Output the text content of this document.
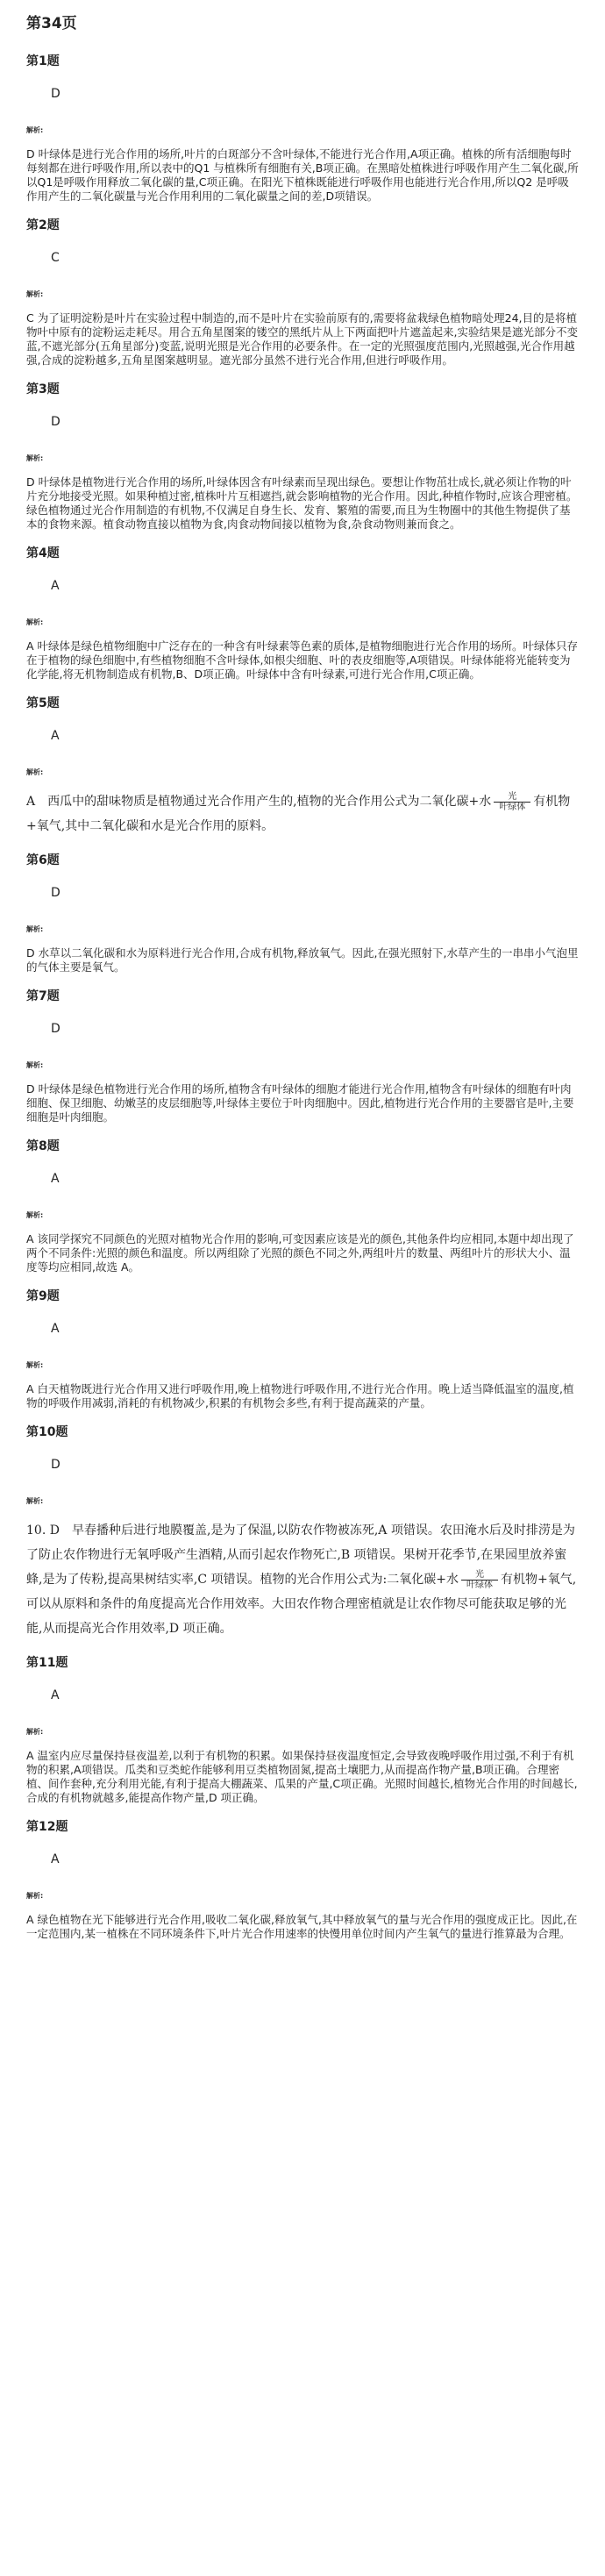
第34页
第1题
D
解析:
D 叶绿体是进行光合作用的场所,叶片的白斑部分不含叶绿体,不能进行光合作用,A项正确。植株的所有活细胞每时每刻都在进行呼吸作用,所以表中的Q1 与植株所有细胞有关,B项正确。在黑暗处植株进行呼吸作用产生二氧化碳,所以Q1是呼吸作用释放二氧化碳的量,C项正确。在阳光下植株既能进行呼吸作用也能进行光合作用,所以Q2 是呼吸作用产生的二氧化碳量与光合作用利用的二氧化碳量之间的差,D项错误。
第2题
C
解析:
C 为了证明淀粉是叶片在实验过程中制造的,而不是叶片在实验前原有的,需要将盆栽绿色植物暗处理24,目的是将植物叶中原有的淀粉运走耗尽。用合五角星图案的镂空的黑纸片从上下两面把叶片遮盖起来,实验结果是遮光部分不变蓝,不遮光部分(五角星部分)变蓝,说明光照是光合作用的必要条件。在一定的光照强度范围内,光照越强,光合作用越强,合成的淀粉越多,五角星图案越明显。遮光部分虽然不进行光合作用,但进行呼吸作用。
第3题
D
解析:
D 叶绿体是植物进行光合作用的场所,叶绿体因含有叶绿素而呈现出绿色。要想让作物茁壮成长,就必须让作物的叶片充分地接受光照。如果种植过密,植株叶片互相遮挡,就会影响植物的光合作用。因此,种植作物时,应该合理密植。绿色植物通过光合作用制造的有机物,不仅满足自身生长、发育、繁殖的需要,而且为生物圈中的其他生物提供了基本的食物来源。植食动物直接以植物为食,肉食动物间接以植物为食,杂食动物则兼而食之。
第4题
A
解析:
A 叶绿体是绿色植物细胞中广泛存在的一种含有叶绿素等色素的质体,是植物细胞进行光合作用的场所。叶绿体只存在于植物的绿色细胞中,有些植物细胞不含叶绿体,如根尖细胞、叶的表皮细胞等,A项错误。叶绿体能将光能转变为化学能,将无机物制造成有机物,B、D项正确。叶绿体中含有叶绿素,可进行光合作用,C项正确。
第5题
A
解析:
A　西瓜中的甜味物质是植物通过光合作用产生的,植物的光合作用公式为二氧化碳+水 $\frac{\text{光}}{\text{叶绿体}}$ 有机物+氧气,其中二氧化碳和水是光合作用的原料。
第6题
D
解析:
D 水草以二氧化碳和水为原料进行光合作用,合成有机物,释放氧气。因此,在强光照射下,水草产生的一串串小气泡里的气体主要是氧气。
第7题
D
解析:
D 叶绿体是绿色植物进行光合作用的场所,植物含有叶绿体的细胞才能进行光合作用,植物含有叶绿体的细胞有叶肉细胞、保卫细胞、幼嫩茎的皮层细胞等,叶绿体主要位于叶肉细胞中。因此,植物进行光合作用的主要器官是叶,主要细胞是叶肉细胞。
第8题
A
解析:
A 该同学探究不同颜色的光照对植物光合作用的影响,可变因素应该是光的颜色,其他条件均应相同,本题中却出现了两个不同条件:光照的颜色和温度。所以两组除了光照的颜色不同之外,两组叶片的数量、两组叶片的形状大小、温度等均应相同,故选 A。
第9题
A
解析:
A 白天植物既进行光合作用又进行呼吸作用,晚上植物进行呼吸作用,不进行光合作用。晚上适当降低温室的温度,植物的呼吸作用减弱,消耗的有机物减少,积累的有机物会多些,有利于提高蔬菜的产量。
第10题
D
解析:
10. D　早春播种后进行地膜覆盖,是为了保温,以防农作物被冻死,A 项错误。农田淹水后及时排涝是为了防止农作物进行无氧呼吸产生酒精,从而引起农作物死亡,B 项错误。果树开花季节,在果园里放养蜜蜂,是为了传粉,提高果树结实率,C 项错误。植物的光合作用公式为:二氧化碳+水 $\frac{\text{光}}{\text{叶绿体}}$ 有机物+氧气,可以从原料和条件的角度提高光合作用效率。大田农作物合理密植就是让农作物尽可能获取足够的光能,从而提高光合作用效率,D 项正确。
第11题
A
解析:
A 温室内应尽量保持昼夜温差,以利于有机物的积累。如果保持昼夜温度恒定,会导致夜晚呼吸作用过强,不利于有机物的积累,A项错误。瓜类和豆类蛇作能够利用豆类植物固氮,提高土壤肥力,从而提高作物产量,B项正确。合理密植、间作套种,充分利用光能,有利于提高大棚蔬菜、瓜果的产量,C项正确。光照时间越长,植物光合作用的时间越长,合成的有机物就越多,能提高作物产量,D 项正确。
第12题
A
解析:
A 绿色植物在光下能够进行光合作用,吸收二氧化碳,释放氧气,其中释放氧气的量与光合作用的强度成正比。因此,在一定范围内,某一植株在不同环境条件下,叶片光合作用速率的快慢用单位时间内产生氧气的量进行推算最为合理。
